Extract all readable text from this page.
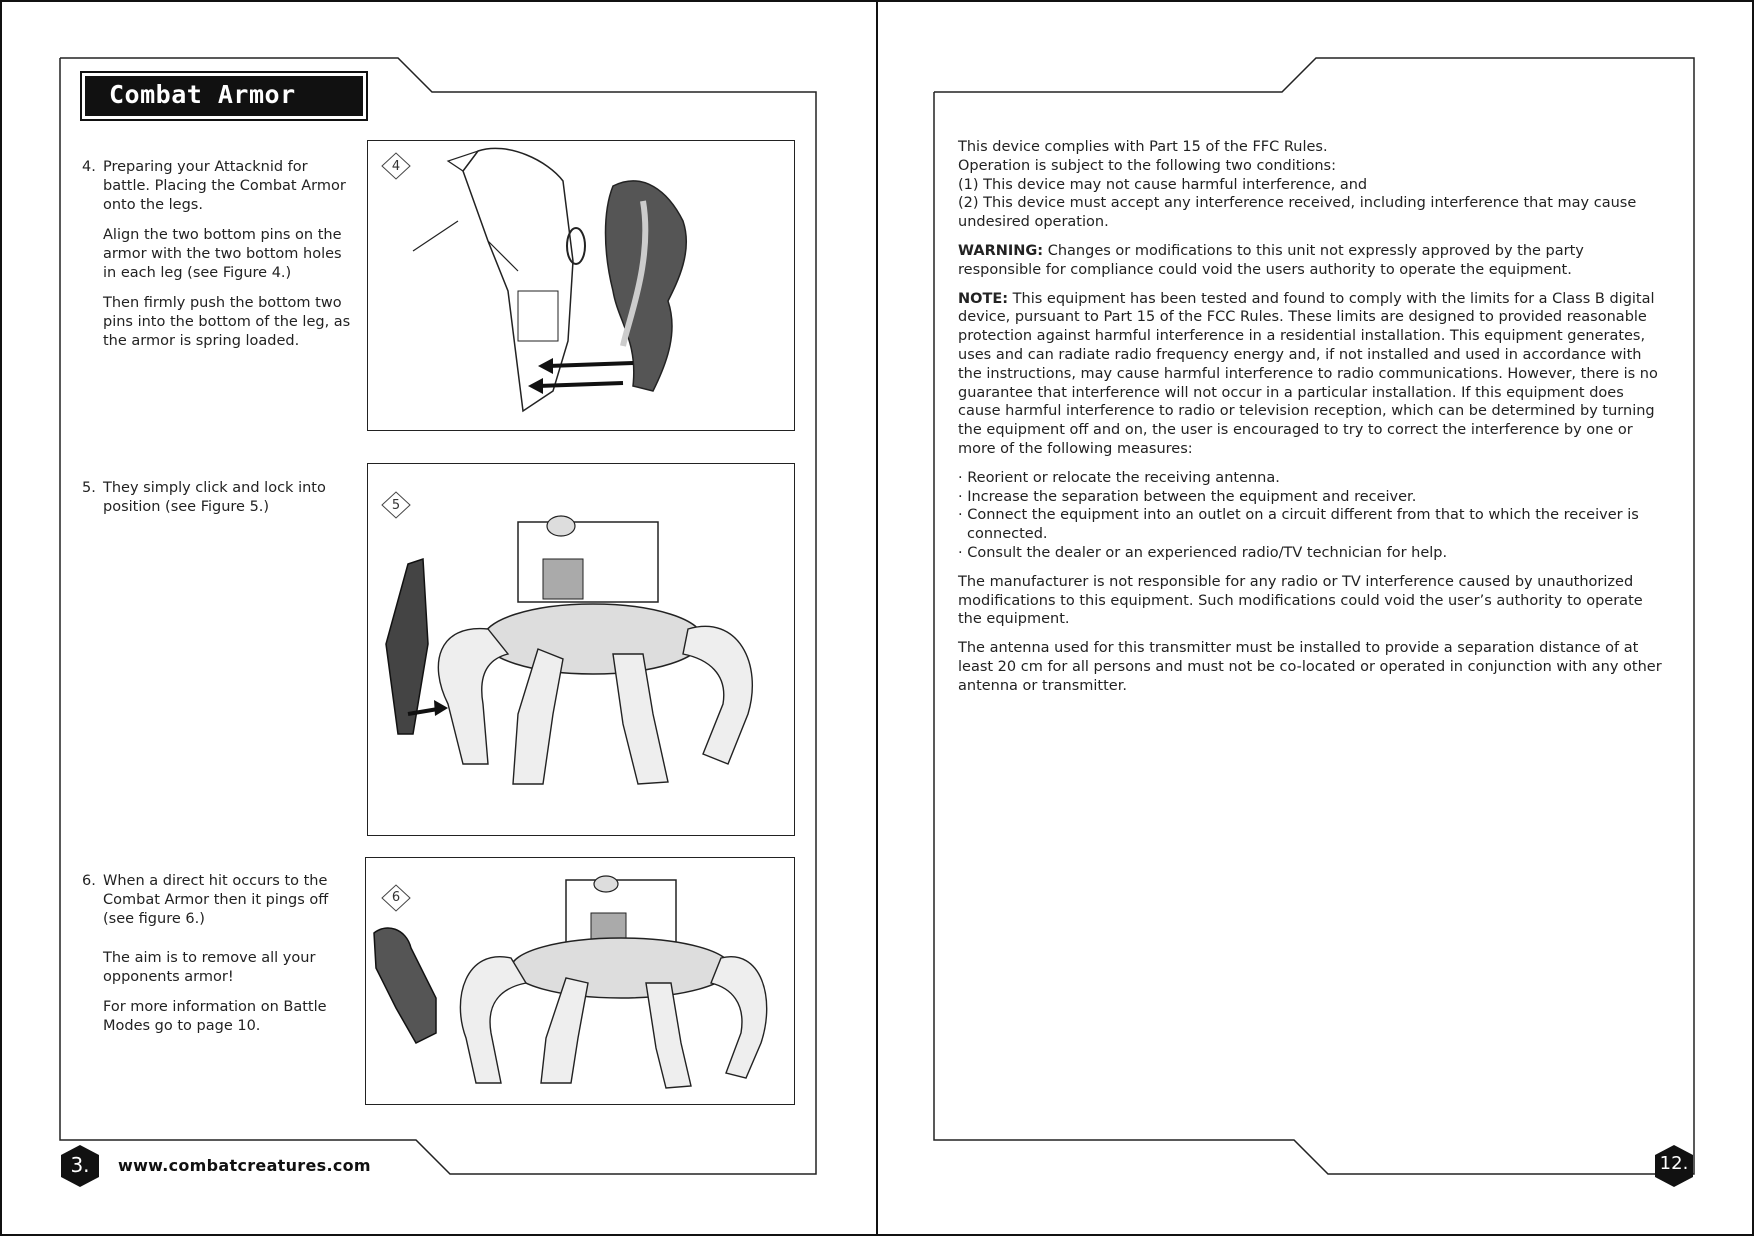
Combat Armor
4. Preparing your Attacknid for battle. Placing the Combat Armor onto the legs.

Align the two bottom pins on the armor with the two bottom holes in each leg (see Figure 4.)

Then firmly push the bottom two pins into the bottom of the leg, as the armor is spring loaded.

5. They simply click and lock into position (see Figure 5.)

6. When a direct hit occurs to the Combat Armor then it pings off (see figure 6.)

The aim is to remove all your opponents armor!

For more information on Battle Modes go to page 10.

4
5
6
3.	www.combatcreatures.com

This device complies with Part 15 of the FFC Rules.
Operation is subject to the following two conditions:
(1) This device may not cause harmful interference, and
(2) This device must accept any interference received, including interference that may cause undesired operation.

WARNING: Changes or modifications to this unit not expressly approved by the party responsible for compliance could void the users authority to operate the equipment.

NOTE: This equipment has been tested and found to comply with the limits for a Class B digital device, pursuant to Part 15 of the FCC Rules. These limits are designed to provided reasonable protection against harmful interference in a residential installation. This equipment generates, uses and can radiate radio frequency energy and, if not installed and used in accordance with the instructions, may cause harmful interference to radio communications. However, there is no guarantee that interference will not occur in a particular installation. If this equipment does cause harmful interference to radio or television reception, which can be determined by turning the equipment off and on, the user is encouraged to try to correct the interference by one or more of the following measures:

· Reorient or relocate the receiving antenna.
· Increase the separation between the equipment and receiver.
· Connect the equipment into an outlet on a circuit different from that to which the receiver is connected.
· Consult the dealer or an experienced radio/TV technician for help.

The manufacturer is not responsible for any radio or TV interference caused by unauthorized modifications to this equipment. Such modifications could void the user’s authority to operate the equipment.

The antenna used for this transmitter must be installed to provide a separation distance of at least 20 cm for all persons and must not be co-located or operated in conjunction with any other antenna or transmitter.

12.
